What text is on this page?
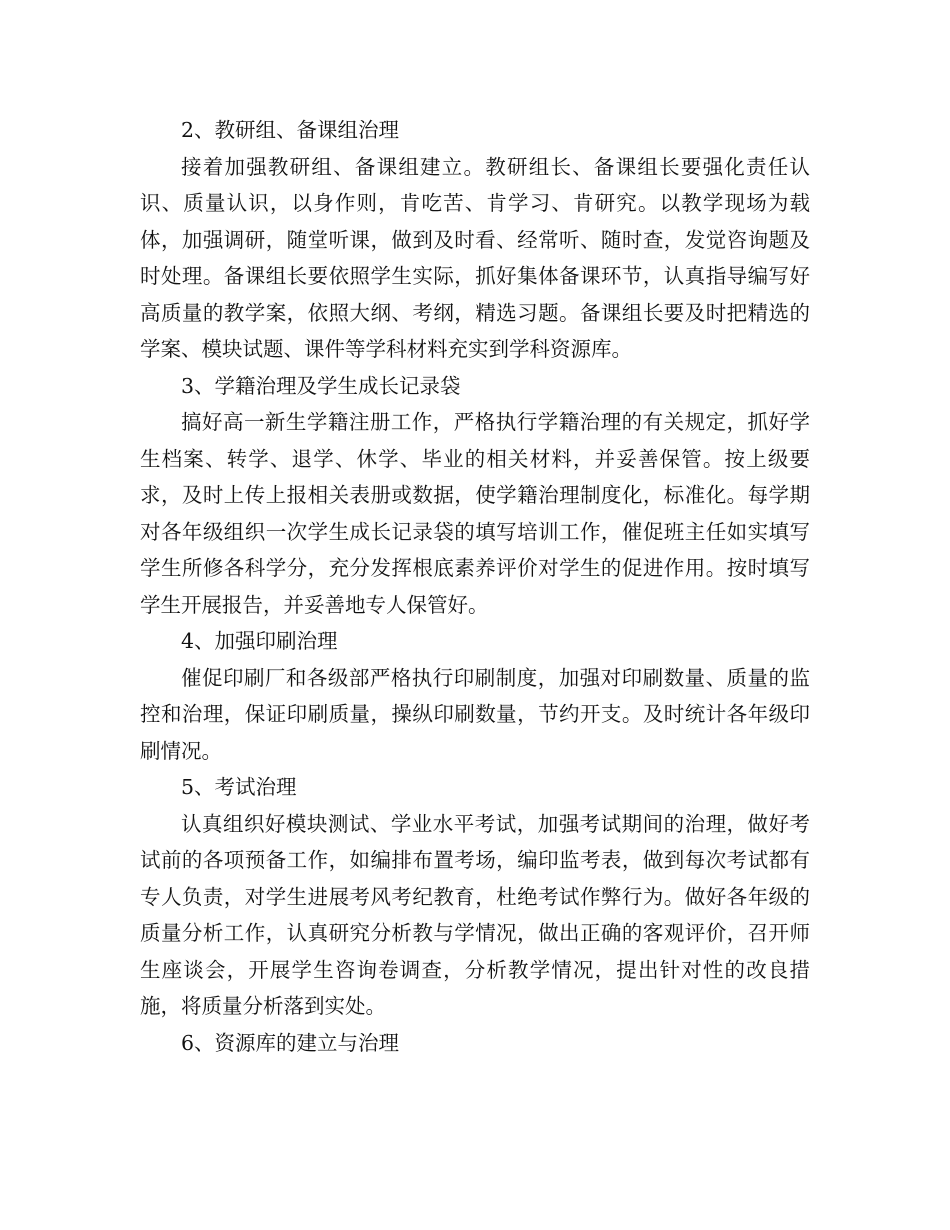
2、教研组、备课组治理

接着加强教研组、备课组建立。教研组长、备课组长要强化责任认识、质量认识，以身作则，肯吃苦、肯学习、肯研究。以教学现场为载体，加强调研，随堂听课，做到及时看、经常听、随时查，发觉咨询题及时处理。备课组长要依照学生实际，抓好集体备课环节，认真指导编写好高质量的教学案，依照大纲、考纲，精选习题。备课组长要及时把精选的学案、模块试题、课件等学科材料充实到学科资源库。

3、学籍治理及学生成长记录袋

搞好高一新生学籍注册工作，严格执行学籍治理的有关规定，抓好学生档案、转学、退学、休学、毕业的相关材料，并妥善保管。按上级要求，及时上传上报相关表册或数据，使学籍治理制度化，标准化。每学期对各年级组织一次学生成长记录袋的填写培训工作，催促班主任如实填写学生所修各科学分，充分发挥根底素养评价对学生的促进作用。按时填写学生开展报告，并妥善地专人保管好。

4、加强印刷治理

催促印刷厂和各级部严格执行印刷制度，加强对印刷数量、质量的监控和治理，保证印刷质量，操纵印刷数量，节约开支。及时统计各年级印刷情况。

5、考试治理

认真组织好模块测试、学业水平考试，加强考试期间的治理，做好考试前的各项预备工作，如编排布置考场，编印监考表，做到每次考试都有专人负责，对学生进展考风考纪教育，杜绝考试作弊行为。做好各年级的质量分析工作，认真研究分析教与学情况，做出正确的客观评价，召开师生座谈会，开展学生咨询卷调查，分析教学情况，提出针对性的改良措施，将质量分析落到实处。

6、资源库的建立与治理
